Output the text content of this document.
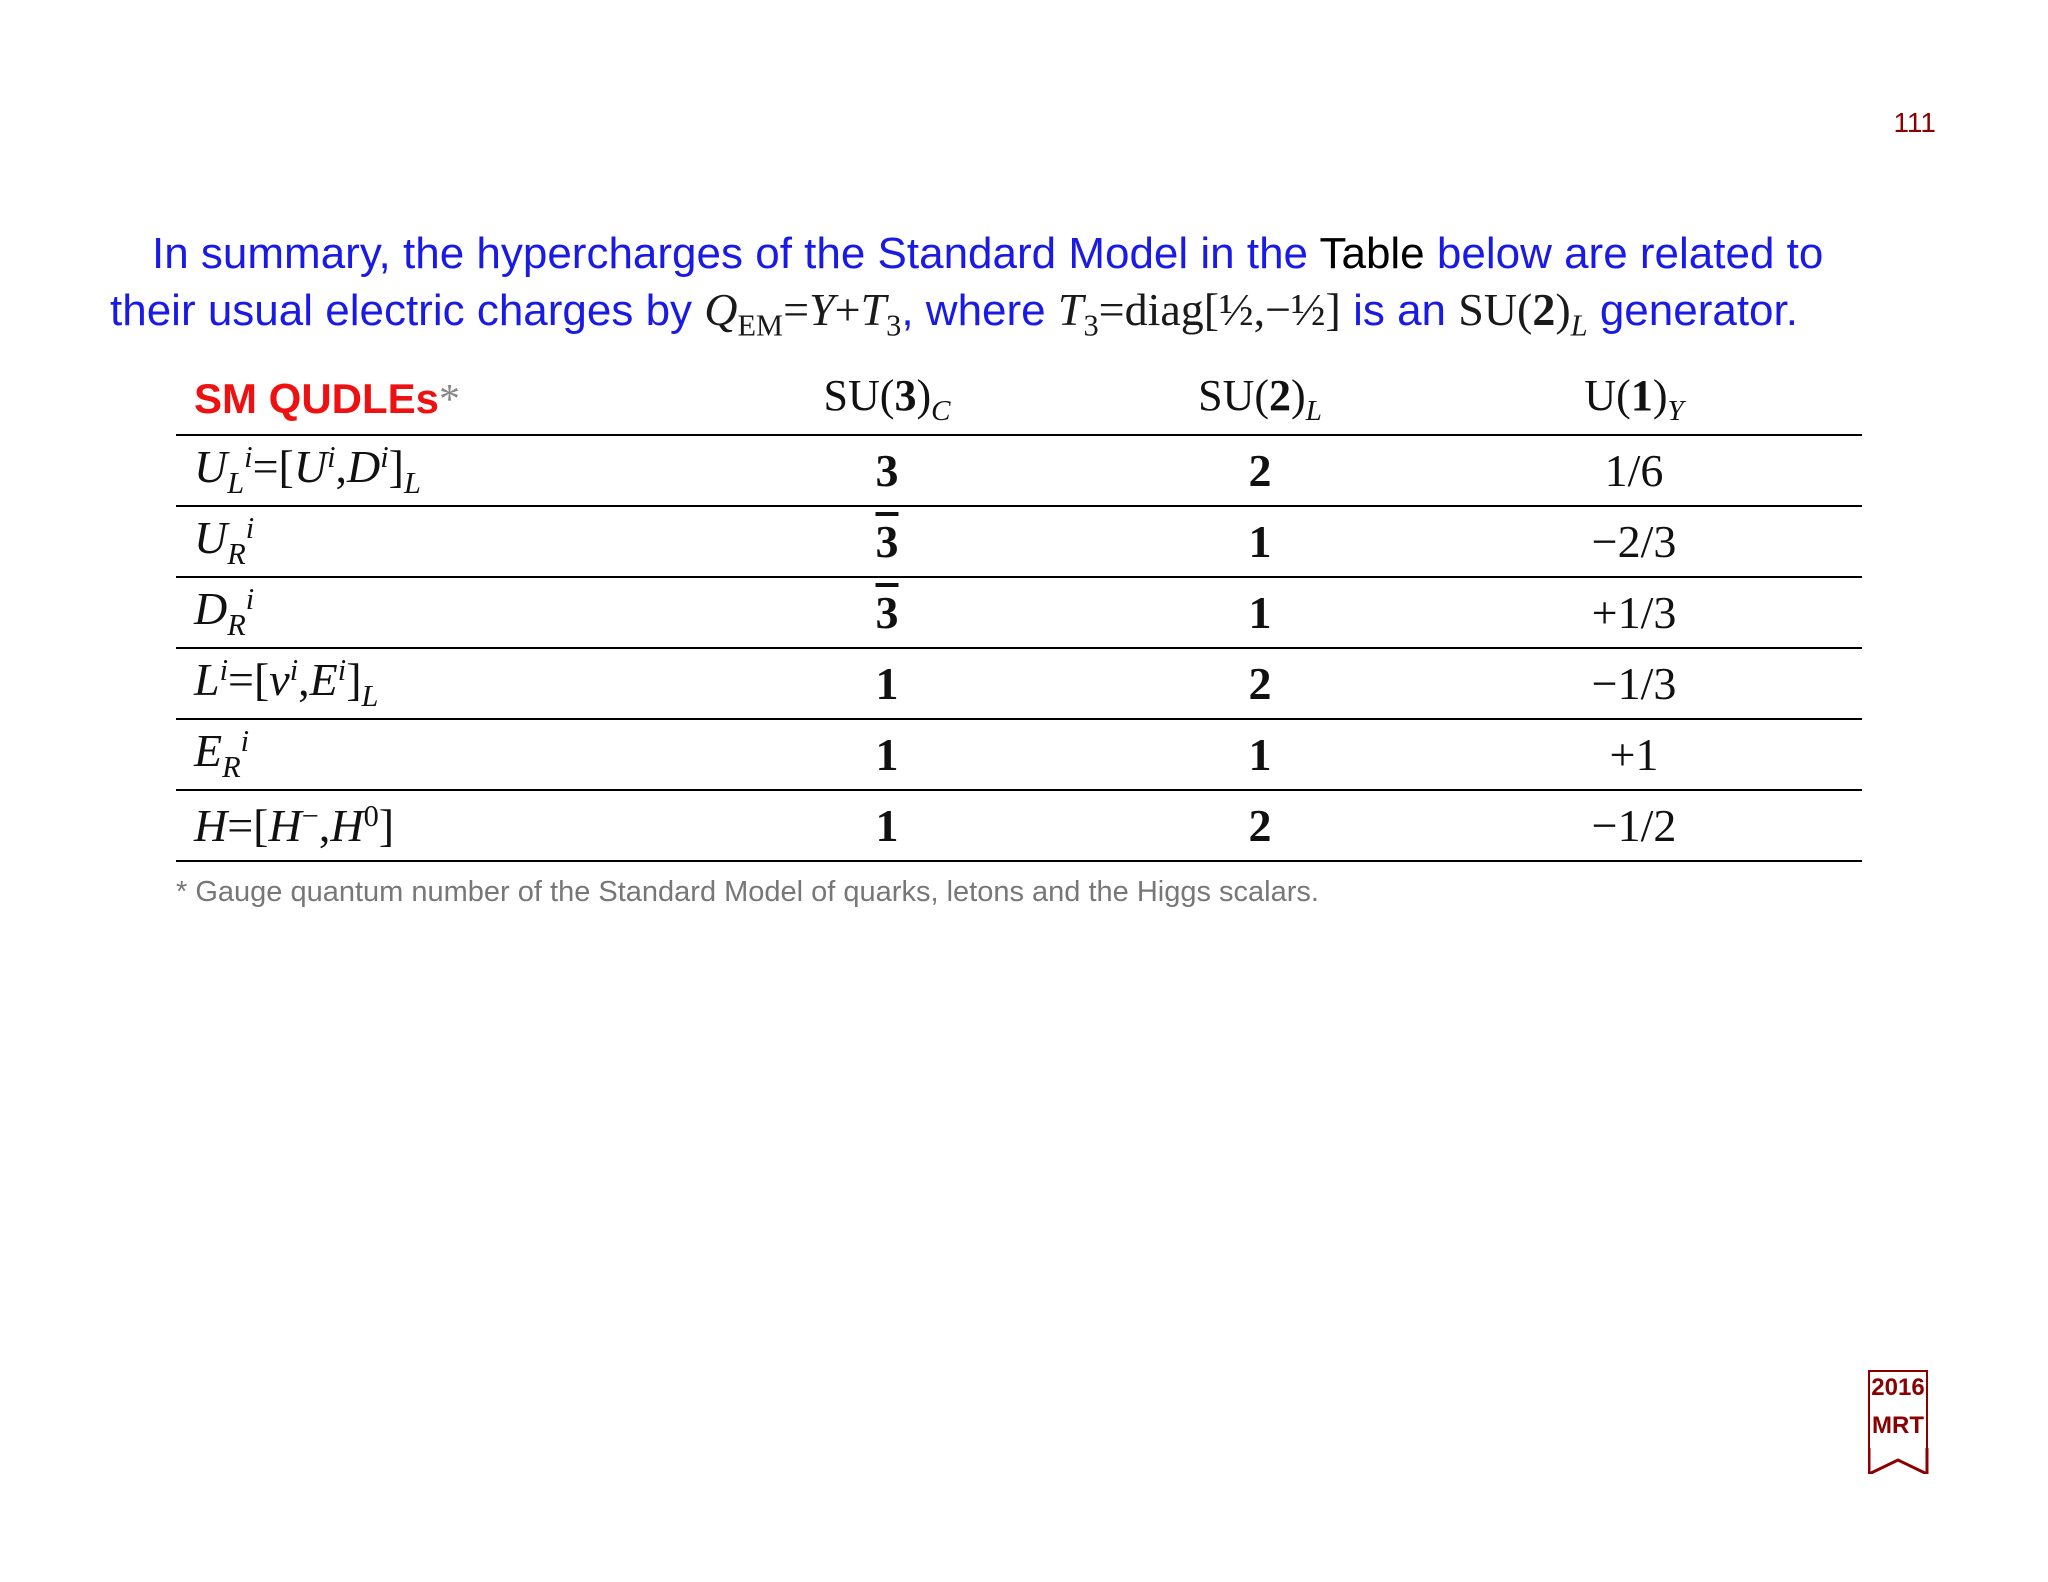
111
In summary, the hypercharges of the Standard Model in the Table below are related to
their usual electric charges by $Q_{EM}=Y+T_3$, where $T_3=diag[\frac{1}{2},-\frac{1}{2}]$ is an $SU(2)_L$ generator.
SM QUDLEs*	$SU(3)_C$	$SU(2)_L$	$U(1)_Y$	
$U_L^i=[U^i,D^i]_L$	3	2	1/6	
$U_R^i$	3	1	−2/3	
$D_R^i$	3	1	+1/3	
$L^i=[\nu^i,E^i]_L$	1	2	−1/3	
$E_R^i$	1	1	+1	
$H=[H^-,H^0]$	1	2	−1/2	
* Gauge quantum number of the Standard Model of quarks, letons and the Higgs scalars.
2016
MRT
